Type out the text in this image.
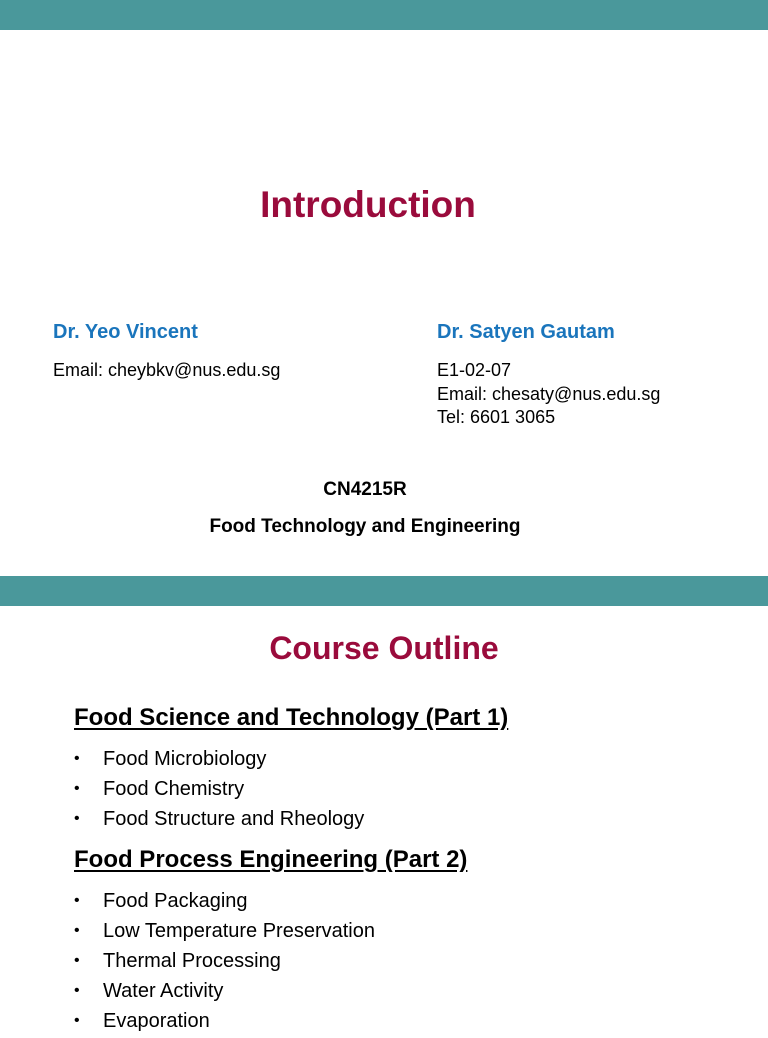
Introduction
Dr. Yeo Vincent
Email: cheybkv@nus.edu.sg
Dr. Satyen Gautam
E1-02-07
Email: chesaty@nus.edu.sg
Tel: 6601 3065
CN4215R
Food Technology and Engineering
Course Outline
Food Science and Technology (Part 1)
• Food Microbiology
• Food Chemistry
• Food Structure and Rheology
Food Process Engineering (Part 2)
• Food Packaging
• Low Temperature Preservation
• Thermal Processing
• Water Activity
• Evaporation
